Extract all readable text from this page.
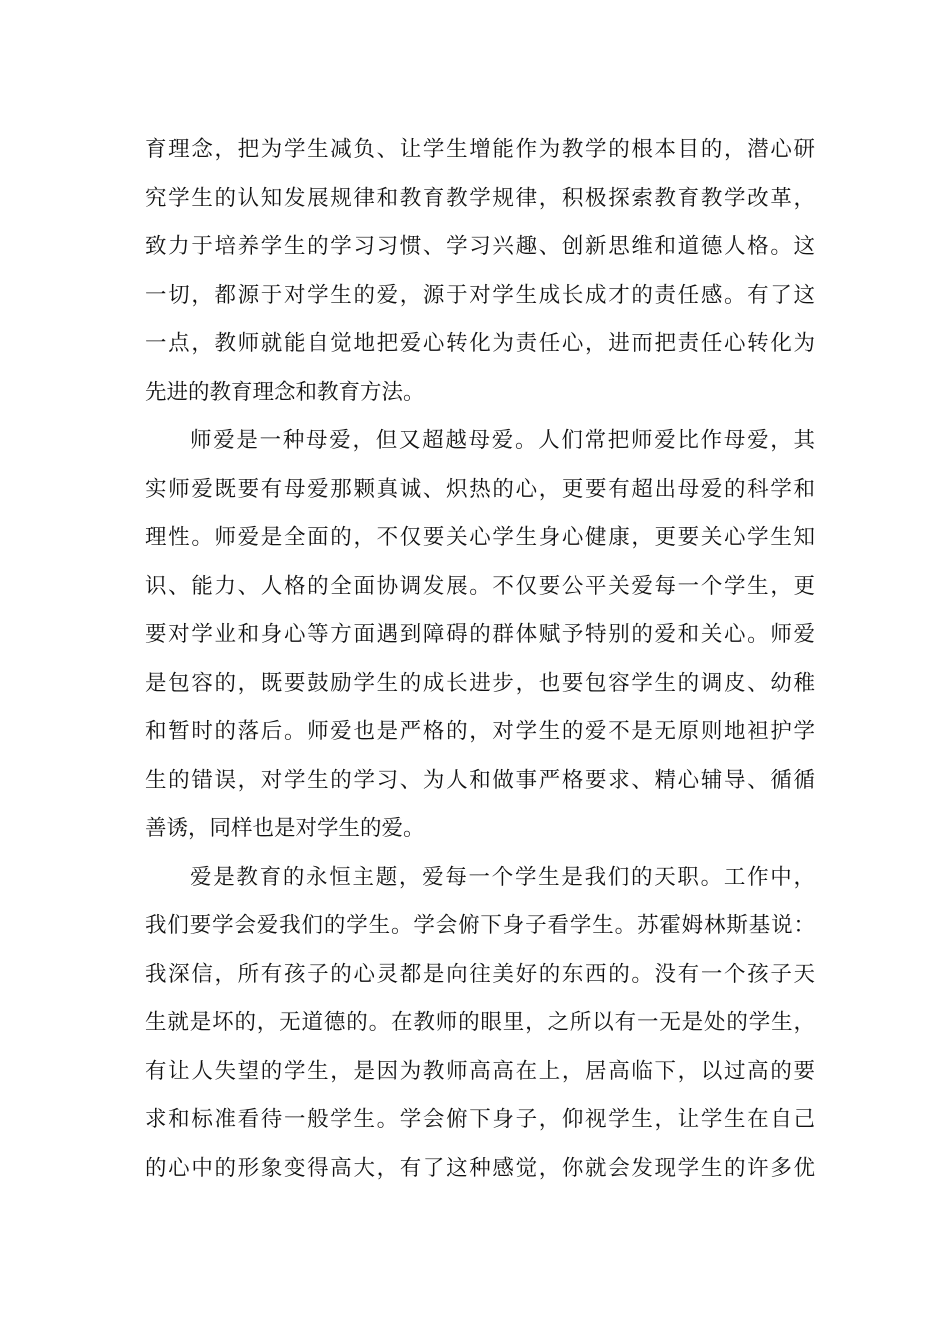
育理念，把为学生减负、让学生增能作为教学的根本目的，潜心研
究学生的认知发展规律和教育教学规律，积极探索教育教学改革，
致力于培养学生的学习习惯、学习兴趣、创新思维和道德人格。这
一切，都源于对学生的爱，源于对学生成长成才的责任感。有了这
一点，教师就能自觉地把爱心转化为责任心，进而把责任心转化为
先进的教育理念和教育方法。
师爱是一种母爱，但又超越母爱。人们常把师爱比作母爱，其
实师爱既要有母爱那颗真诚、炽热的心，更要有超出母爱的科学和
理性。师爱是全面的，不仅要关心学生身心健康，更要关心学生知
识、能力、人格的全面协调发展。不仅要公平关爱每一个学生，更
要对学业和身心等方面遇到障碍的群体赋予特别的爱和关心。师爱
是包容的，既要鼓励学生的成长进步，也要包容学生的调皮、幼稚
和暂时的落后。师爱也是严格的，对学生的爱不是无原则地袒护学
生的错误，对学生的学习、为人和做事严格要求、精心辅导、循循
善诱，同样也是对学生的爱。
爱是教育的永恒主题，爱每一个学生是我们的天职。工作中，
我们要学会爱我们的学生。学会俯下身子看学生。苏霍姆林斯基说：
我深信，所有孩子的心灵都是向往美好的东西的。没有一个孩子天
生就是坏的，无道德的。在教师的眼里，之所以有一无是处的学生，
有让人失望的学生，是因为教师高高在上，居高临下，以过高的要
求和标准看待一般学生。学会俯下身子，仰视学生，让学生在自己
的心中的形象变得高大，有了这种感觉，你就会发现学生的许多优
